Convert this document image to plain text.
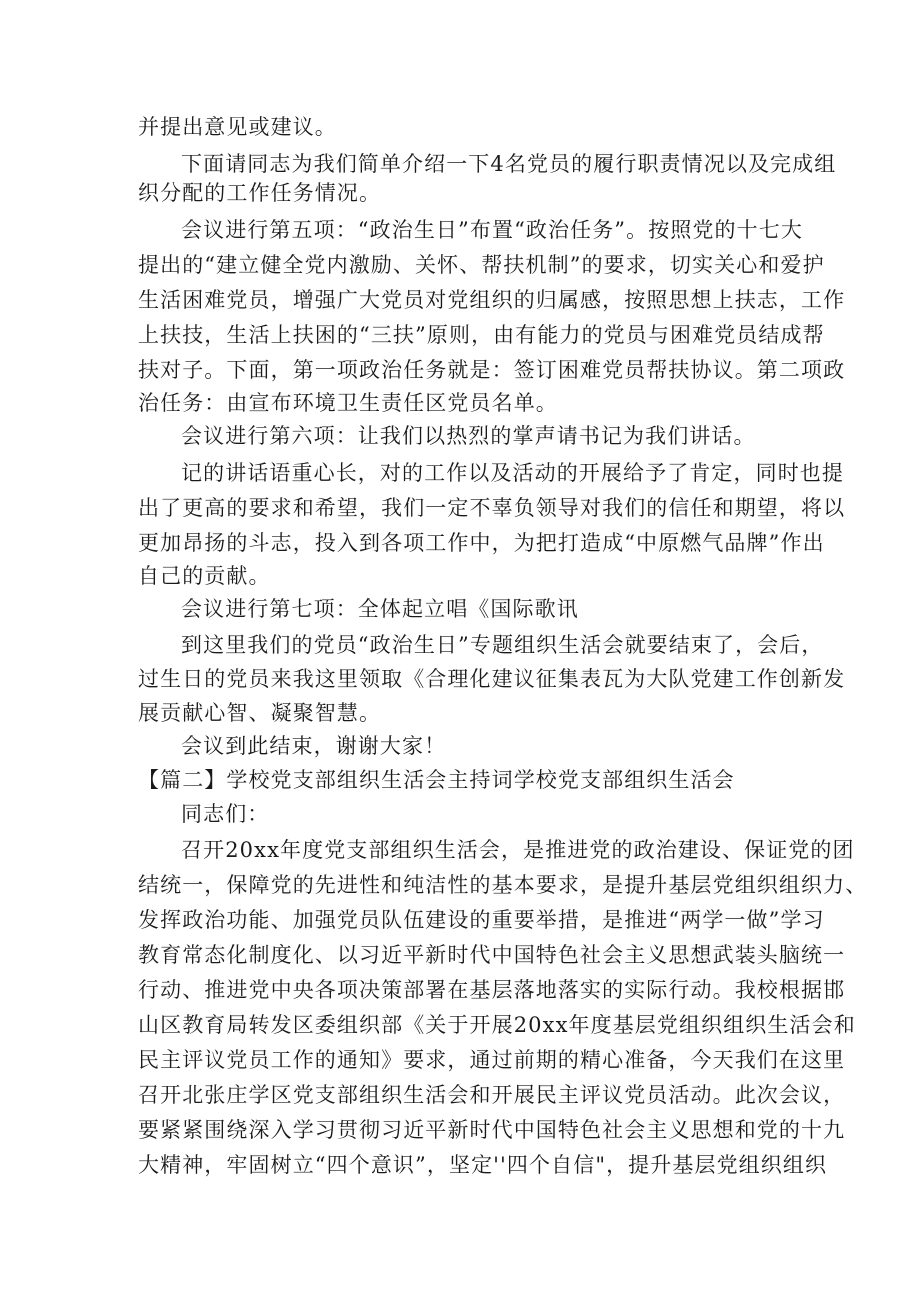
并提出意见或建议。
下面请同志为我们简单介绍一下4名党员的履行职责情况以及完成组
织分配的工作任务情况。
会议进行第五项：“政治生日”布置“政治任务”。按照党的十七大
提出的“建立健全党内激励、关怀、帮扶机制”的要求，切实关心和爱护
生活困难党员，增强广大党员对党组织的归属感，按照思想上扶志，工作
上扶技，生活上扶困的“三扶”原则，由有能力的党员与困难党员结成帮
扶对子。下面，第一项政治任务就是：签订困难党员帮扶协议。第二项政
治任务：由宣布环境卫生责任区党员名单。
会议进行第六项：让我们以热烈的掌声请书记为我们讲话。
记的讲话语重心长，对的工作以及活动的开展给予了肯定，同时也提
出了更高的要求和希望，我们一定不辜负领导对我们的信任和期望，将以
更加昂扬的斗志，投入到各项工作中，为把打造成“中原燃气品牌”作出
自己的贡献。
会议进行第七项：全体起立唱《国际歌讯
到这里我们的党员“政治生日”专题组织生活会就要结束了，会后，
过生日的党员来我这里领取《合理化建议征集表瓦为大队党建工作创新发
展贡献心智、凝聚智慧。
会议到此结束，谢谢大家！
【篇二】学校党支部组织生活会主持词学校党支部组织生活会
同志们：
召开20xx年度党支部组织生活会，是推进党的政治建设、保证党的团
结统一，保障党的先进性和纯洁性的基本要求，是提升基层党组织组织力、
发挥政治功能、加强党员队伍建设的重要举措，是推进“两学一做”学习
教育常态化制度化、以习近平新时代中国特色社会主义思想武装头脑统一
行动、推进党中央各项决策部署在基层落地落实的实际行动。我校根据邯
山区教育局转发区委组织部《关于开展20xx年度基层党组织组织生活会和
民主评议党员工作的通知》要求，通过前期的精心准备，今天我们在这里
召开北张庄学区党支部组织生活会和开展民主评议党员活动。此次会议，
要紧紧围绕深入学习贯彻习近平新时代中国特色社会主义思想和党的十九
大精神，牢固树立“四个意识”，坚定''四个自信"，提升基层党组织组织
